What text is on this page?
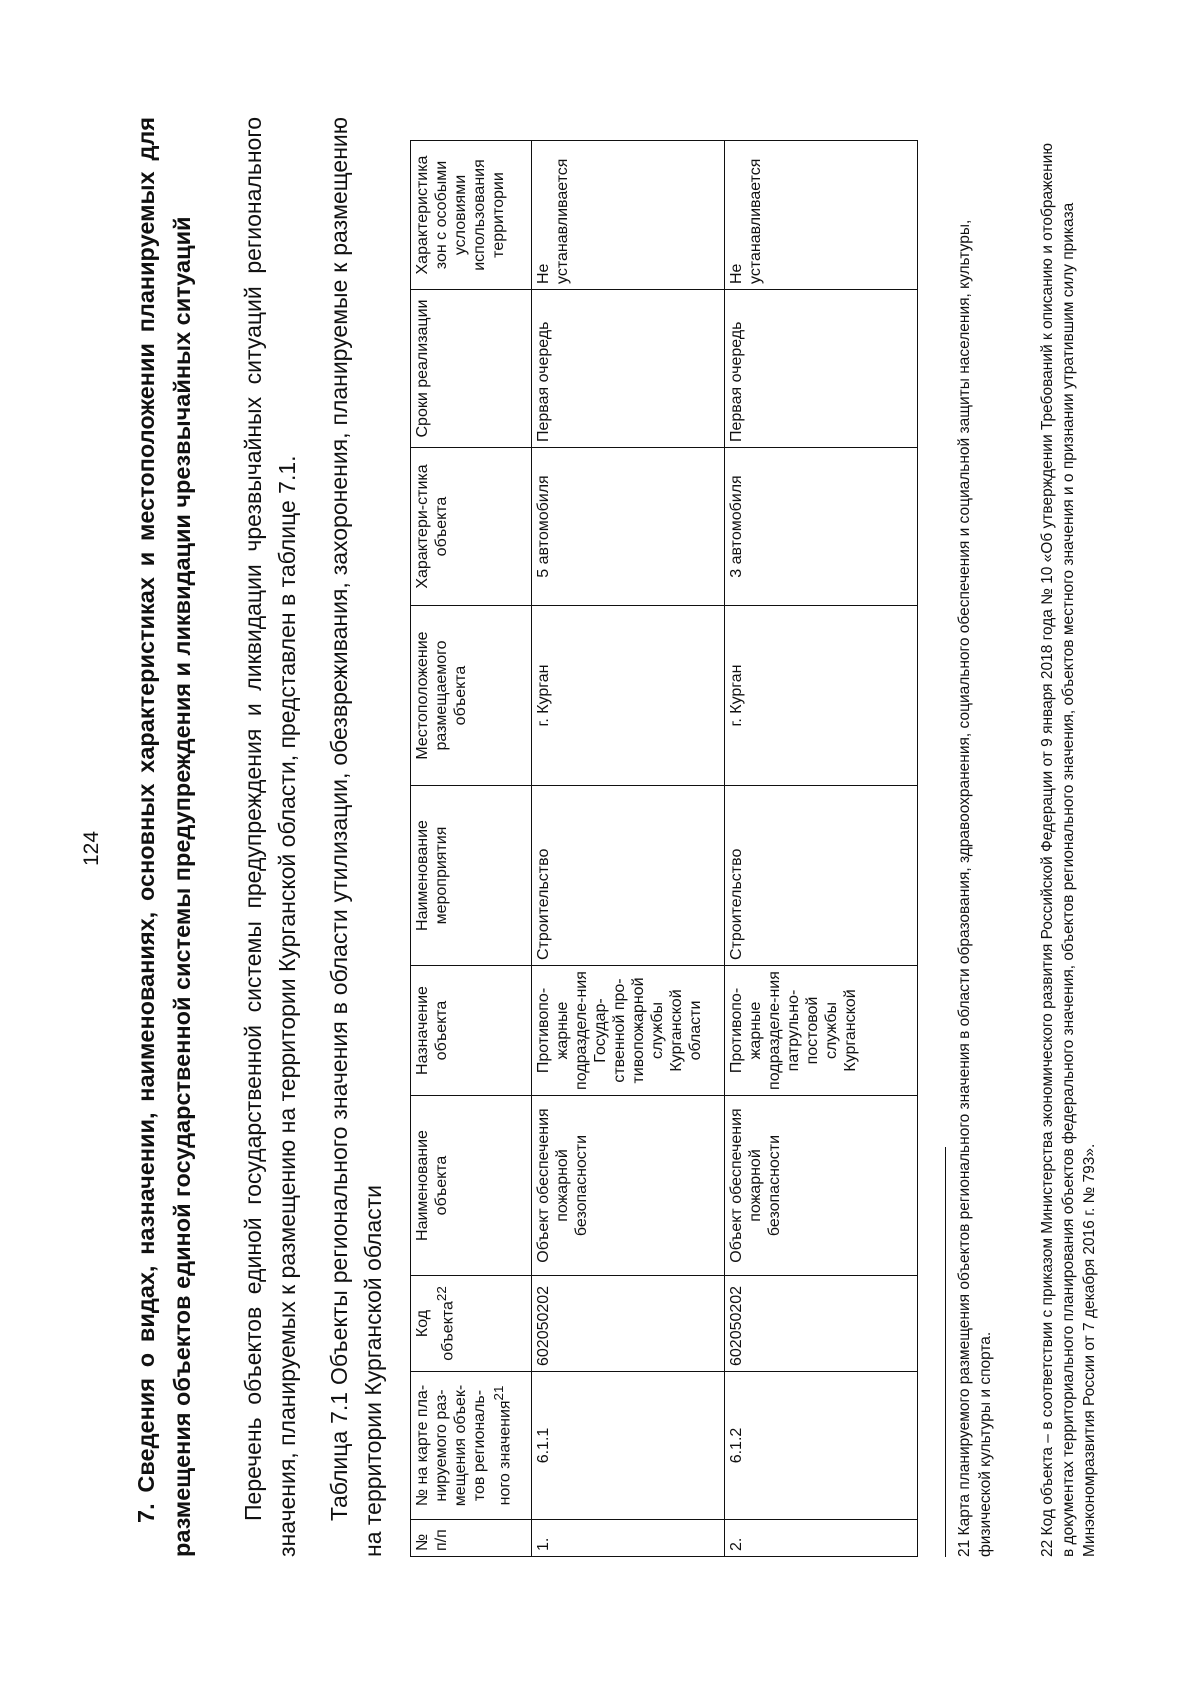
124 7. Сведения о видах, назначении, наименованиях, основных характеристиках и местоположении планируемых для размещения объектов единой государственной системы предупреждения и ликвидации чрезвычайных ситуаций Перечень объектов единой государственной системы предупреждения и ликвидации чрезвычайных ситуаций регионального значения, планируемых к размещению на территории Курганской области, представлен в таблице 7.1. Таблица 7.1 Объекты регионального значения в области утилизации, обезвреживания, захоронения, планируемые к размещению на территории Курганской области № п/п	№ на карте пла-нируемого раз-мещения объек-тов региональ-ного значения$^{21}$	Код объекта$^{22}$	Наименование объекта	Назначение объекта	Наименование мероприятия	Местоположение размещаемого объекта	Характери-стика объекта	Сроки реализации	Характеристика зон с особыми условиями использования территории
1.	6.1.1	602050202	Объект обеспечения пожарной безопасности	Противопо-жарные подразделе-ния Государ-ственной про-тивопожарной службы Курганской области	Строительство	г. Курган	5 автомобиля	Первая очередь	Не устанавливается
2.	6.1.2	602050202	Объект обеспечения пожарной безопасности	Противопо-жарные подразделе-ния патрульно-постовой службы Курганской	Строительство	г. Курган	3 автомобиля	Первая очередь	Не устанавливается	21 Карта планируемого размещения объектов регионального значения в области образования, здравоохранения, социального обеспечения и социальной защиты населения, культуры, физической культуры и спорта.	22 Код объекта – в соответствии с приказом Министерства экономического развития Российской Федерации от 9 января 2018 года № 10 «Об утверждении Требований к описанию и отображению в документах территориального планирования объектов федерального значения, объектов регионального значения, объектов местного значения и о признании утратившим силу приказа Минэкономразвития России от 7 декабря 2016 г. № 793».
